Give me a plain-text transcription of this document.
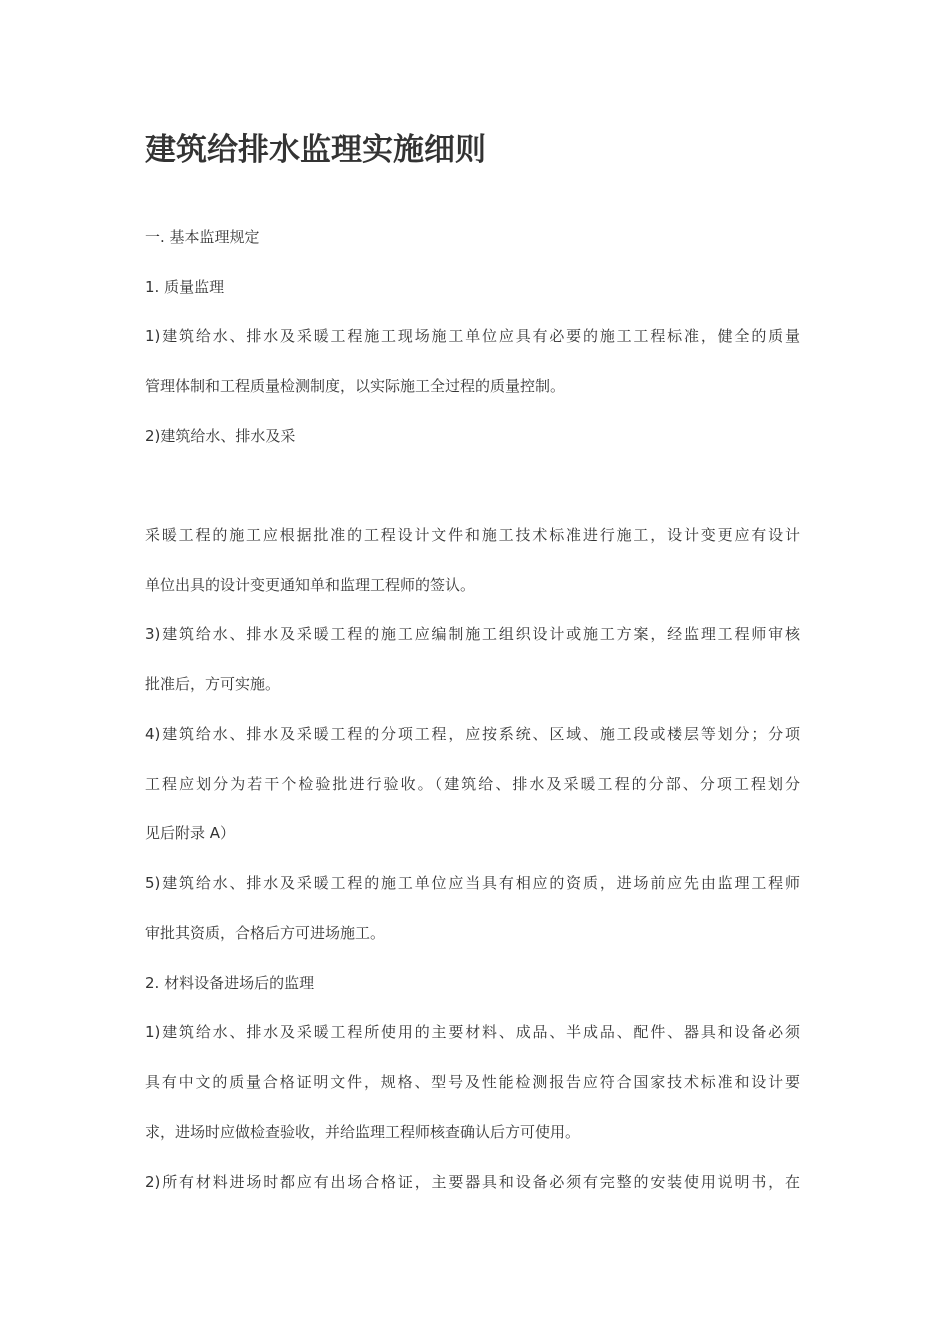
建筑给排水监理实施细则

一. 基本监理规定

1. 质量监理

1)建筑给水、排水及采暖工程施工现场施工单位应具有必要的施工工程标准，健全的质量

管理体制和工程质量检测制度，以实际施工全过程的质量控制。

2)建筑给水、排水及采

采暖工程的施工应根据批准的工程设计文件和施工技术标准进行施工，设计变更应有设计

单位出具的设计变更通知单和监理工程师的签认。

3)建筑给水、排水及采暖工程的施工应编制施工组织设计或施工方案，经监理工程师审核

批准后，方可实施。

4)建筑给水、排水及采暖工程的分项工程，应按系统、区域、施工段或楼层等划分；分项

工程应划分为若干个检验批进行验收。（建筑给、排水及采暖工程的分部、分项工程划分

见后附录 A）

5)建筑给水、排水及采暖工程的施工单位应当具有相应的资质，进场前应先由监理工程师

审批其资质，合格后方可进场施工。

2. 材料设备进场后的监理

1)建筑给水、排水及采暖工程所使用的主要材料、成品、半成品、配件、器具和设备必须

具有中文的质量合格证明文件，规格、型号及性能检测报告应符合国家技术标准和设计要

求，进场时应做检查验收，并给监理工程师核查确认后方可使用。

2)所有材料进场时都应有出场合格证，主要器具和设备必须有完整的安装使用说明书，在
